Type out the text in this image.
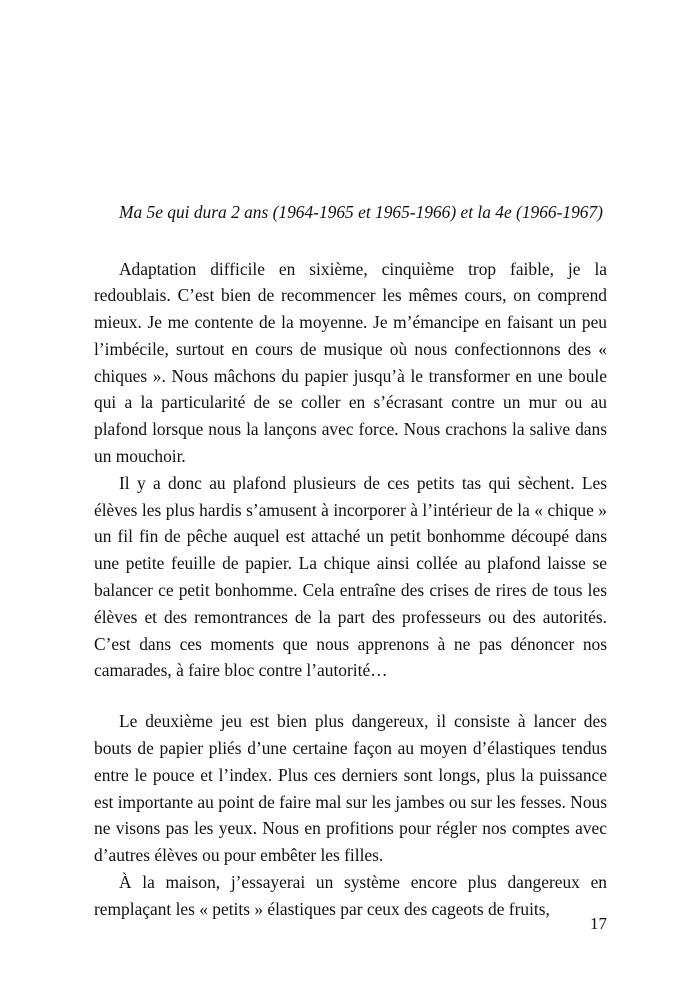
Ma 5e qui dura 2 ans (1964-1965 et 1965-1966) et la 4e (1966-1967)

Adaptation difficile en sixième, cinquième trop faible, je la redoublais. C’est bien de recommencer les mêmes cours, on comprend mieux. Je me contente de la moyenne. Je m’émancipe en faisant un peu l’imbécile, surtout en cours de musique où nous confectionnons des « chiques ». Nous mâchons du papier jusqu’à le transformer en une boule qui a la particularité de se coller en s’écrasant contre un mur ou au plafond lorsque nous la lançons avec force. Nous crachons la salive dans un mouchoir.

Il y a donc au plafond plusieurs de ces petits tas qui sèchent. Les élèves les plus hardis s’amusent à incorporer à l’intérieur de la « chique » un fil fin de pêche auquel est attaché un petit bonhomme découpé dans une petite feuille de papier. La chique ainsi collée au plafond laisse se balancer ce petit bonhomme. Cela entraîne des crises de rires de tous les élèves et des remontrances de la part des professeurs ou des autorités. C’est dans ces moments que nous apprenons à ne pas dénoncer nos camarades, à faire bloc contre l’autorité…

Le deuxième jeu est bien plus dangereux, il consiste à lancer des bouts de papier pliés d’une certaine façon au moyen d’élastiques tendus entre le pouce et l’index. Plus ces derniers sont longs, plus la puissance est importante au point de faire mal sur les jambes ou sur les fesses. Nous ne visons pas les yeux. Nous en profitions pour régler nos comptes avec d’autres élèves ou pour embêter les filles.

À la maison, j’essayerai un système encore plus dangereux en remplaçant les « petits » élastiques par ceux des cageots de fruits,

17
